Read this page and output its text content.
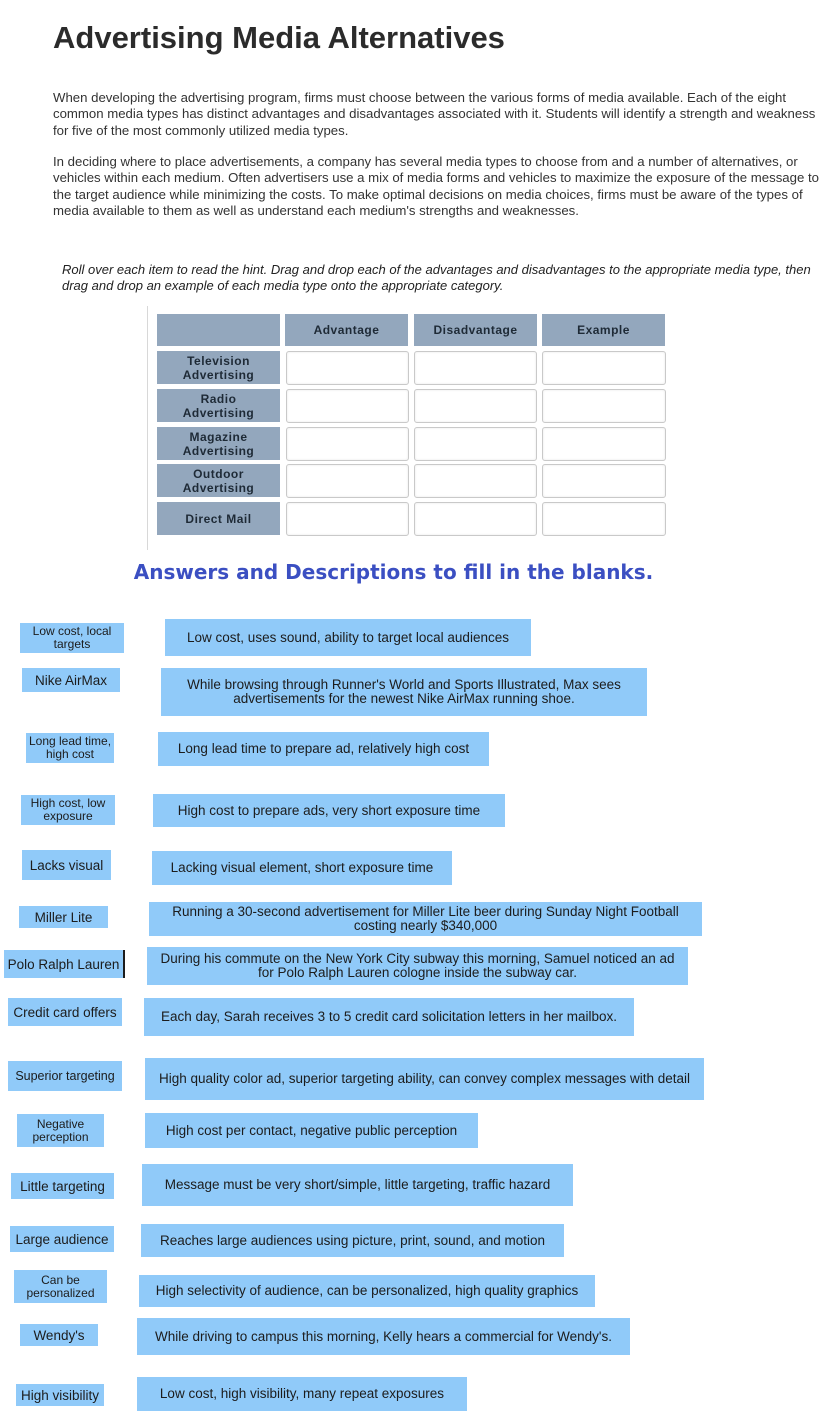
Advertising Media Alternatives

When developing the advertising program, firms must choose between the various forms of media available. Each of the eight common media types has distinct advantages and disadvantages associated with it. Students will identify a strength and weakness for five of the most commonly utilized media types.

In deciding where to place advertisements, a company has several media types to choose from and a number of alternatives, or vehicles within each medium. Often advertisers use a mix of media forms and vehicles to maximize the exposure of the message to the target audience while minimizing the costs. To make optimal decisions on media choices, firms must be aware of the types of media available to them as well as understand each medium's strengths and weaknesses.

Roll over each item to read the hint. Drag and drop each of the advantages and disadvantages to the appropriate media type, then drag and drop an example of each media type onto the appropriate category.

Advantage	Disadvantage	Example
Television Advertising
Radio Advertising
Magazine Advertising
Outdoor Advertising
Direct Mail
Answers and Descriptions to fill in the blanks.
Low cost, local targets	Low cost, uses sound, ability to target local audiences
Nike AirMax	While browsing through Runner's World and Sports Illustrated, Max sees advertisements for the newest Nike AirMax running shoe.
Long lead time, high cost	Long lead time to prepare ad, relatively high cost
High cost, low exposure	High cost to prepare ads, very short exposure time
Lacks visual	Lacking visual element, short exposure time
Miller Lite	Running a 30-second advertisement for Miller Lite beer during Sunday Night Football costing nearly $340,000
Polo Ralph Lauren	During his commute on the New York City subway this morning, Samuel noticed an ad for Polo Ralph Lauren cologne inside the subway car.
Credit card offers	Each day, Sarah receives 3 to 5 credit card solicitation letters in her mailbox.
Superior targeting	High quality color ad, superior targeting ability, can convey complex messages with detail
Negative perception	High cost per contact, negative public perception
Little targeting	Message must be very short/simple, little targeting, traffic hazard
Large audience	Reaches large audiences using picture, print, sound, and motion
Can be personalized	High selectivity of audience, can be personalized, high quality graphics
Wendy's	While driving to campus this morning, Kelly hears a commercial for Wendy's.
High visibility	Low cost, high visibility, many repeat exposures
